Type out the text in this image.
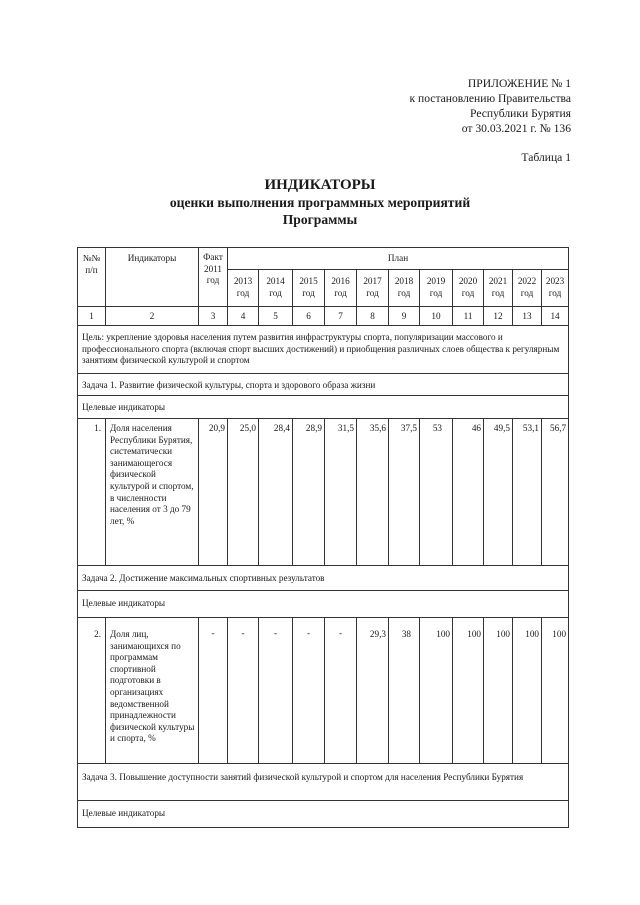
ПРИЛОЖЕНИЕ № 1
к постановлению Правительства
Республики Бурятия
от 30.03.2021 г. № 136
Таблица 1
ИНДИКАТОРЫ
оценки выполнения программных мероприятий
Программы
№№ п/п	Индикаторы	Факт 2011 год	План										
			2013 год	2014 год	2015 год	2016 год	2017 год	2018 год	2019 год	2020 год	2021 год	2022 год	2023 год
1	2	3	4	5	6	7	8	9	10	11	12	13	14
Цель: укрепление здоровья населения путем развития инфраструктуры спорта, популяризации массового и профессионального спорта (включая спорт высших достижений) и приобщения различных слоев общества к регулярным занятиям физической культурой и спортом													
Задача 1. Развитие физической культуры, спорта и здорового образа жизни													
Целевые индикаторы													
1.	Доля населения Республики Бурятия, систематически занимающегося физической культурой и спортом, в численности населения от 3 до 79 лет, %	20,9	25,0	28,4	28,9	31,5	35,6	37,5	53	46	49,5	53,1	56,7
Задача 2. Достижение максимальных спортивных результатов													
Целевые индикаторы													
2.	Доля лиц, занимающихся по программам спортивной подготовки в организациях ведомственной принадлежности физической культуры и спорта, %	-	-	-	-	-	29,3	38	100	100	100	100	100
Задача 3. Повышение доступности занятий физической культурой и спортом для населения Республики Бурятия													
Целевые индикаторы													
